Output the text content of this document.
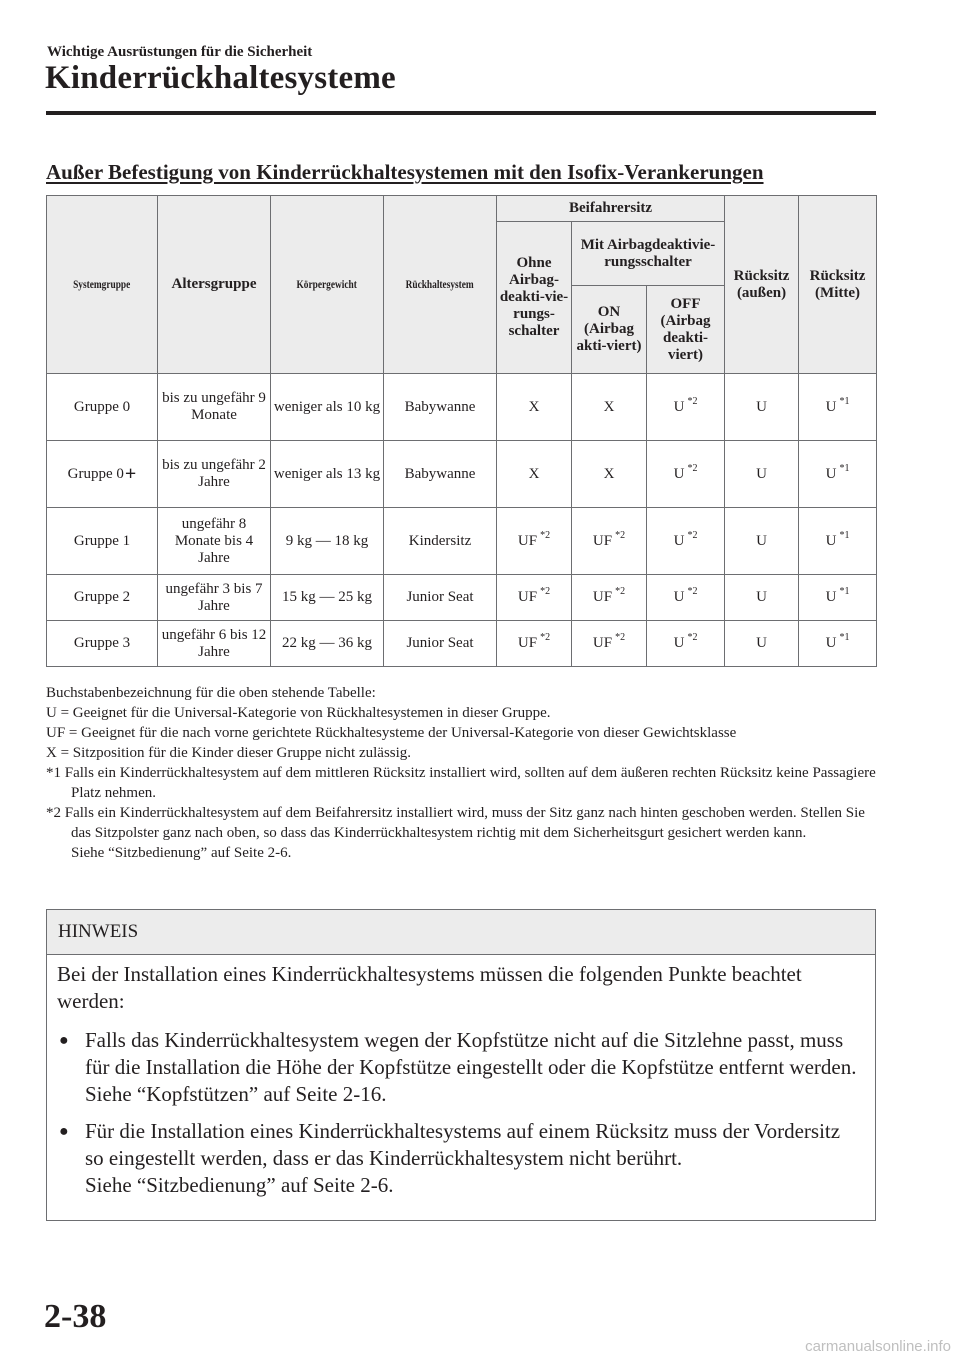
Wichtige Ausrüstungen für die Sicherheit
Kinderrückhaltesysteme
Außer Befestigung von Kinderrückhaltesystemen mit den Isofix-Verankerungen
Systemgruppe	Altersgruppe	Körpergewicht	Rückhaltesystem	Beifahrersitz			Rücksitz (außen)	Rücksitz (Mitte)
				Ohne Airbag-deakti-vie-rungs-schalter	Mit Airbagdeaktivie-rungsschalter			
					ON (Airbag akti-viert)	OFF (Airbag deakti-viert)		
Gruppe 0	bis zu ungefähr 9 Monate	weniger als 10 kg	Babywanne	X	X	U $^{*2}$	U	U $^{*1}$
Gruppe 0+	bis zu ungefähr 2 Jahre	weniger als 13 kg	Babywanne	X	X	U $^{*2}$	U	U $^{*1}$
Gruppe 1	ungefähr 8 Monate bis 4 Jahre	9 kg ― 18 kg	Kindersitz	UF $^{*2}$	UF $^{*2}$	U $^{*2}$	U	U $^{*1}$
Gruppe 2	ungefähr 3 bis 7 Jahre	15 kg ― 25 kg	Junior Seat	UF $^{*2}$	UF $^{*2}$	U $^{*2}$	U	U $^{*1}$
Gruppe 3	ungefähr 6 bis 12 Jahre	22 kg ― 36 kg	Junior Seat	UF $^{*2}$	UF $^{*2}$	U $^{*2}$	U	U $^{*1}$

Buchstabenbezeichnung für die oben stehende Tabelle:

U = Geeignet für die Universal-Kategorie von Rückhaltesystemen in dieser Gruppe.

UF = Geeignet für die nach vorne gerichtete Rückhaltesysteme der Universal-Kategorie von dieser Gewichtsklasse

X = Sitzposition für die Kinder dieser Gruppe nicht zulässig.

*1 Falls ein Kinderrückhaltesystem auf dem mittleren Rücksitz installiert wird, sollten auf dem äußeren rechten Rücksitz keine Passagiere Platz nehmen.

*2 Falls ein Kinderrückhaltesystem auf dem Beifahrersitz installiert wird, muss der Sitz ganz nach hinten geschoben werden. Stellen Sie das Sitzpolster ganz nach oben, so dass das Kinderrückhaltesystem richtig mit dem Sicherheitsgurt gesichert werden kann.

Siehe “Sitzbedienung” auf Seite 2-6.

HINWEIS

Bei der Installation eines Kinderrückhaltesystems müssen die folgenden Punkte beachtet werden:

● Falls das Kinderrückhaltesystem wegen der Kopfstütze nicht auf die Sitzlehne passt, muss für die Installation die Höhe der Kopfstütze eingestellt oder die Kopfstütze entfernt werden.
Siehe “Kopfstützen” auf Seite 2-16.
● Für die Installation eines Kinderrückhaltesystems auf einem Rücksitz muss der Vordersitz so eingestellt werden, dass er das Kinderrückhaltesystem nicht berührt.
Siehe “Sitzbedienung” auf Seite 2-6.
2-38
carmanualsonline.info
